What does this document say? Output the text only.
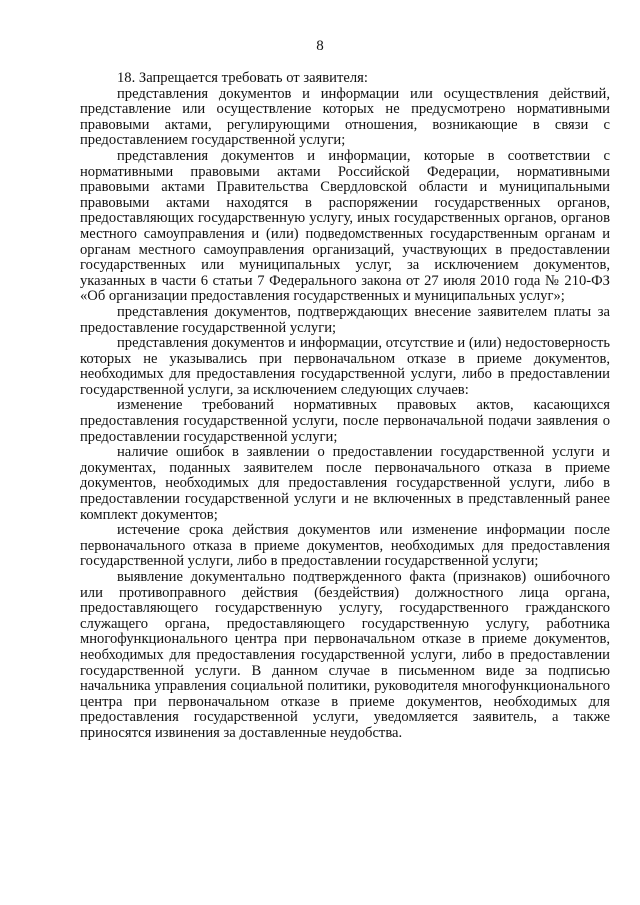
8

18. Запрещается требовать от заявителя:

представления документов и информации или осуществления действий, представление или осуществление которых не предусмотрено нормативными правовыми актами, регулирующими отношения, возникающие в связи с предоставлением государственной услуги;

представления документов и информации, которые в соответствии с нормативными правовыми актами Российской Федерации, нормативными правовыми актами Правительства Свердловской области и муниципальными правовыми актами находятся в распоряжении государственных органов, предоставляющих государственную услугу, иных государственных органов, органов местного самоуправления и (или) подведомственных государственным органам и органам местного самоуправления организаций, участвующих в предоставлении государственных или муниципальных услуг, за исключением документов, указанных в части 6 статьи 7 Федерального закона от 27 июля 2010 года № 210-ФЗ «Об организации предоставления государственных и муниципальных услуг»;

представления документов, подтверждающих внесение заявителем платы за предоставление государственной услуги;

представления документов и информации, отсутствие и (или) недостоверность которых не указывались при первоначальном отказе в приеме документов, необходимых для предоставления государственной услуги, либо в предоставлении государственной услуги, за исключением следующих случаев:

изменение требований нормативных правовых актов, касающихся предоставления государственной услуги, после первоначальной подачи заявления о предоставлении государственной услуги;

наличие ошибок в заявлении о предоставлении государственной услуги и документах, поданных заявителем после первоначального отказа в приеме документов, необходимых для предоставления государственной услуги, либо в предоставлении государственной услуги и не включенных в представленный ранее комплект документов;

истечение срока действия документов или изменение информации после первоначального отказа в приеме документов, необходимых для предоставления государственной услуги, либо в предоставлении государственной услуги;

выявление документально подтвержденного факта (признаков) ошибочного или противоправного действия (бездействия) должностного лица органа, предоставляющего государственную услугу, государственного гражданского служащего органа, предоставляющего государственную услугу, работника многофункционального центра при первоначальном отказе в приеме документов, необходимых для предоставления государственной услуги, либо в предоставлении государственной услуги. В данном случае в письменном виде за подписью начальника управления социальной политики, руководителя многофункционального центра при первоначальном отказе в приеме документов, необходимых для предоставления государственной услуги, уведомляется заявитель, а также приносятся извинения за доставленные неудобства.
